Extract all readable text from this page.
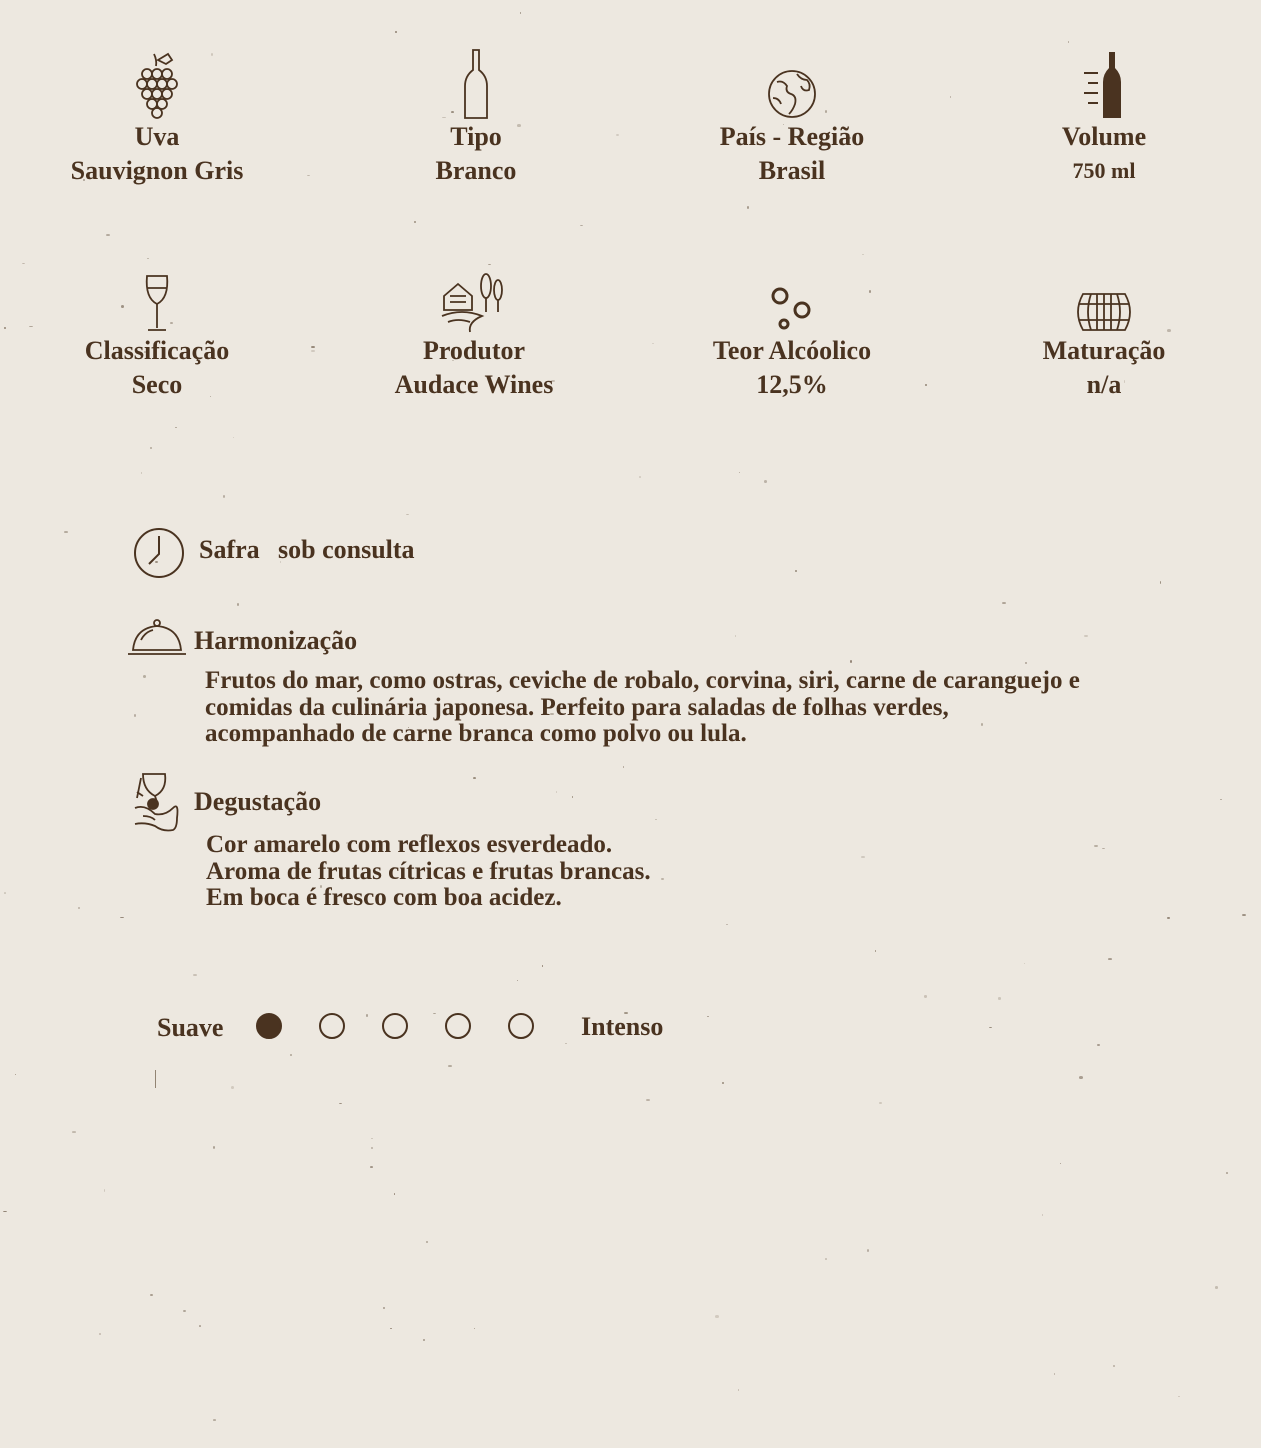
Uva
Sauvignon Gris
Tipo
Branco
País - Região
Brasil
Volume
750 ml
Classificação
Seco
Produtor
Audace Wines
Teor Alcóolico
12,5%
Maturação
n/a
Safra sob consulta
Harmonização
Frutos do mar, como ostras, ceviche de robalo, corvina, siri, carne de caranguejo e
comidas da culinária japonesa. Perfeito para saladas de folhas verdes,
acompanhado de carne branca como polvo ou lula.
Degustação
Cor amarelo com reflexos esverdeado.
Aroma de frutas cítricas e frutas brancas.
Em boca é fresco com boa acidez.
Suave	Intenso
